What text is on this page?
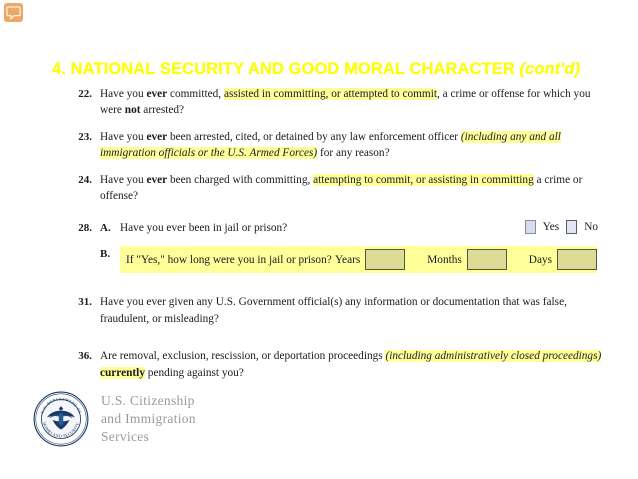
4. NATIONAL SECURITY AND GOOD MORAL CHARACTER (cont'd)
22. Have you ever committed, assisted in committing, or attempted to commit, a crime or offense for which you were not arrested?
23. Have you ever been arrested, cited, or detained by any law enforcement officer (including any and all immigration officials or the U.S. Armed Forces) for any reason?
24. Have you ever been charged with committing, attempting to commit, or assisting in committing a crime or offense?
28. A. Have you ever been in jail or prison?	Yes No
B.	If "Yes," how long were you in jail or prison? Years	Months	Days
31. Have you ever given any U.S. Government official(s) any information or documentation that was false, fraudulent, or misleading?
36. Are removal, exclusion, rescission, or deportation proceedings (including administratively closed proceedings) currently pending against you?
U.S. DEPARTMENT OF
HOMELAND SECURITY
U.S. Citizenship
and Immigration
Services
